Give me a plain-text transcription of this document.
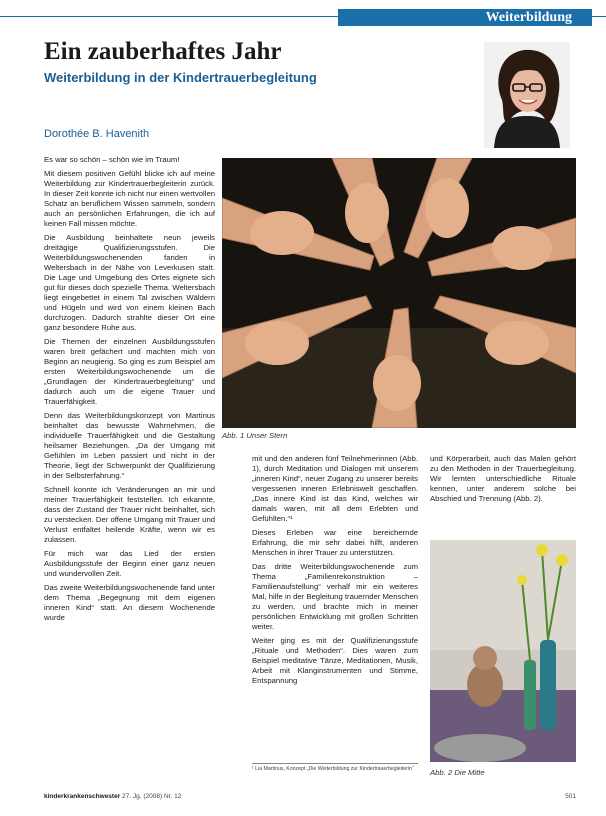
Weiterbildung
Ein zauberhaftes Jahr
Weiterbildung in der Kindertrauerbegleitung
Dorothée B. Havenith

Es war so schön – schön wie im Traum!

Mit diesem positiven Gefühl blicke ich auf meine Weiterbildung zur Kindertrauerbegleiterin zurück. In dieser Zeit konnte ich nicht nur einen wertvollen Schatz an beruflichem Wissen sammeln, sondern auch an persönlichen Erfahrungen, die ich auf keinen Fall missen möchte.

Die Ausbildung beinhaltete neun jeweils dreitägige Qualifizierungsstufen. Die Weiterbildungswochenenden fanden in Weltersbach in der Nähe von Leverkusen statt. Die Lage und Umgebung des Ortes eignete sich gut für dieses doch spezielle Thema. Weltersbach liegt eingebettet in einem Tal zwischen Wäldern und Hügeln und wird von einem kleinen Bach durchzogen. Dadurch strahlte dieser Ort eine ganz besondere Ruhe aus.

Die Themen der einzelnen Ausbildungsstufen waren breit gefächert und machten mich von Beginn an neugierig. So ging es zum Beispiel am ersten Weiterbildungswochenende um die „Grundlagen der Kindertrauerbegleitung“ und dadurch auch um die eigene Trauer und Trauerfähigkeit.

Denn das Weiterbildungskonzept von Martinus beinhaltet das bewusste Wahrnehmen, die individuelle Trauerfähigkeit und die Gestaltung heilsamer Beziehungen. „Da der Umgang mit Gefühlen im Leben passiert und nicht in der Theorie, liegt der Schwerpunkt der Qualifizierung in der Selbsterfahrung.“

Schnell konnte ich Veränderungen an mir und meiner Trauerfähigkeit feststellen. Ich erkannte, dass der Zustand der Trauer nicht beinhaltet, sich zu verstecken. Der offene Umgang mit Trauer und Verlust entfaltet heilende Kräfte, wenn wir es zulassen.

Für mich war das Lied der ersten Ausbildungsstufe der Beginn einer ganz neuen und wundervollen Zeit.

Das zweite Weiterbildungswochenende fand unter dem Thema „Begegnung mit dem eigenen inneren Kind“ statt. An diesem Wochenende wurde

Abb. 1 Unser Stern

mit und den anderen fünf Teilnehmerinnen (Abb. 1), durch Meditation und Dialogen mit unserem „inneren Kind“, neuer Zugang zu unserer bereits vergessenen inneren Erlebniswelt geschaffen. „Das innere Kind ist das Kind, welches wir damals waren, mit all dem Erlebten und Gefühlten.“¹

Dieses Erleben war eine bereichernde Erfahrung, die mir sehr dabei hilft, anderen Menschen in ihrer Trauer zu unterstützen.

Das dritte Weiterbildungswochenende zum Thema „Familienrekonstruktion – Familienaufstellung“ verhalf mir ein weiteres Mal, hilfe in der Begleitung trauernder Menschen zu werden, und brachte mich in meiner persönlichen Entwicklung mit großen Schritten weiter.

Weiter ging es mit der Qualifizierungsstufe „Rituale und Methoden“. Dies waren zum Beispiel meditative Tänze, Meditationen, Musik, Arbeit mit Klanginstrumenten und Stimme, Entspannung

und Körperarbeit, auch das Malen gehört zu den Methoden in der Trauerbegleitung. Wir lernten unterschiedliche Rituale kennen, unter anderem solche bei Abschied und Trennung (Abb. 2).

Abb. 2 Die Mitte
¹ Lia Martinus, Konzept „Die Weiterbildung zur Kindertrauerbegleiterin“
kinderkrankenschwester 27. Jg. (2008) Nr. 12	501
